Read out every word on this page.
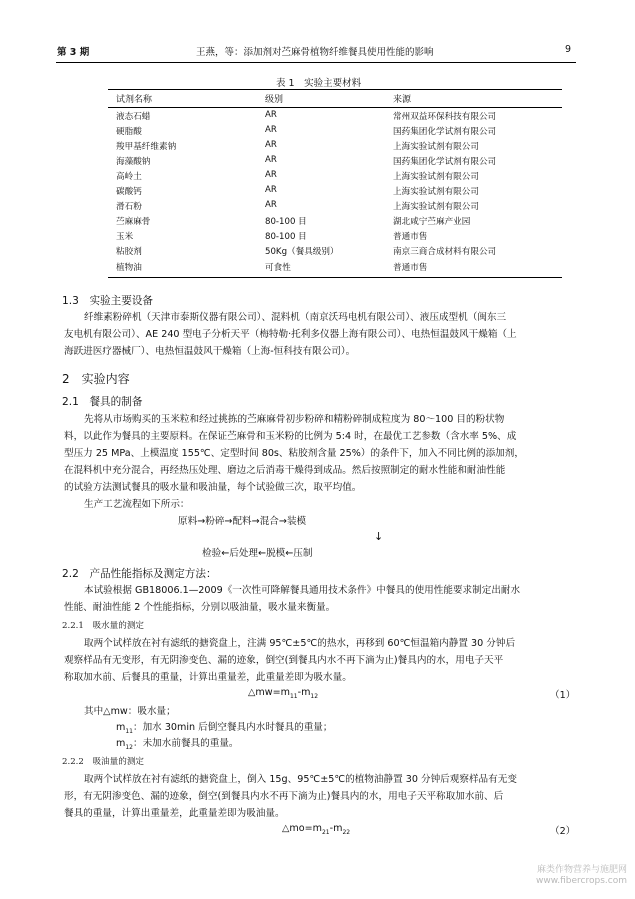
第 3 期	王燕，等：添加剂对苎麻骨植物纤维餐具使用性能的影响	9
表 1　实验主要材料
试剂名称	级别	来源
液态石蜡	AR	常州双益环保科技有限公司
硬脂酸	AR	国药集团化学试剂有限公司
羧甲基纤维素钠	AR	上海实验试剂有限公司
海藻酸钠	AR	国药集团化学试剂有限公司
高岭土	AR	上海实验试剂有限公司
碳酸钙	AR	上海实验试剂有限公司
滑石粉	AR	上海实验试剂有限公司
苎麻麻骨	80-100 目	湖北咸宁苎麻产业园
玉米	80-100 目	普通市售
粘胶剂	50Kg（餐具级别）	南京三商合成材料有限公司
植物油	可食性	普通市售
1.3　实验主要设备
纤维素粉碎机（天津市泰斯仪器有限公司）、混料机（南京沃玛电机有限公司）、液压成型机（闽东三
友电机有限公司）、AE 240 型电子分析天平（梅特勒·托利多仪器上海有限公司）、电热恒温鼓风干燥箱（上
海跃进医疗器械厂）、电热恒温鼓风干燥箱（上海-恒科技有限公司）。
2　实验内容
2.1　餐具的制备
先将从市场购买的玉米粒和经过挑拣的苎麻麻骨初步粉碎和精粉碎制成粒度为 80～100 目的粉状物
料，以此作为餐具的主要原料。在保证苎麻骨和玉米粉的比例为 5:4 时，在最优工艺参数（含水率 5%、成
型压力 25 MPa、上模温度 155℃、定型时间 80s、粘胶剂含量 25%）的条件下，加入不同比例的添加剂，
在混料机中充分混合，再经热压处理、磨边之后消毒干燥得到成品。然后按照制定的耐水性能和耐油性能
的试验方法测试餐具的吸水量和吸油量，每个试验做三次，取平均值。
生产工艺流程如下所示：
原料→粉碎→配料→混合→装模
↓
检验←后处理←脱模←压制
2.2　产品性能指标及测定方法：
本试验根据 GB18006.1—2009《一次性可降解餐具通用技术条件》中餐具的使用性能要求制定出耐水
性能、耐油性能 2 个性能指标，分别以吸油量，吸水量来衡量。
2.2.1　吸水量的测定
取两个试样放在衬有滤纸的搪瓷盘上，注满 95℃±5℃的热水，再移到 60℃恒温箱内静置 30 分钟后
观察样品有无变形，有无阴渗变色、漏的迹象，倒空(到餐具内水不再下滴为止)餐具内的水，用电子天平
称取加水前、后餐具的重量，计算出重量差，此重量差即为吸水量。
$\triangle mw=m_{11}-m_{12}$	（1）
其中△mw：吸水量；
$m_{11}$：加水 30min 后倒空餐具内水时餐具的重量；
$m_{12}$：未加水前餐具的重量。
2.2.2　吸油量的测定
取两个试样放在衬有滤纸的搪瓷盘上，倒入 15g、95℃±5℃的植物油静置 30 分钟后观察样品有无变
形，有无阴渗变色、漏的迹象，倒空(到餐具内水不再下滴为止)餐具内的水，用电子天平称取加水前、后
餐具的重量，计算出重量差，此重量差即为吸油量。
$\triangle mo=m_{21}-m_{22}$	（2）
麻类作物营养与施肥网
www.fibercrops.com
